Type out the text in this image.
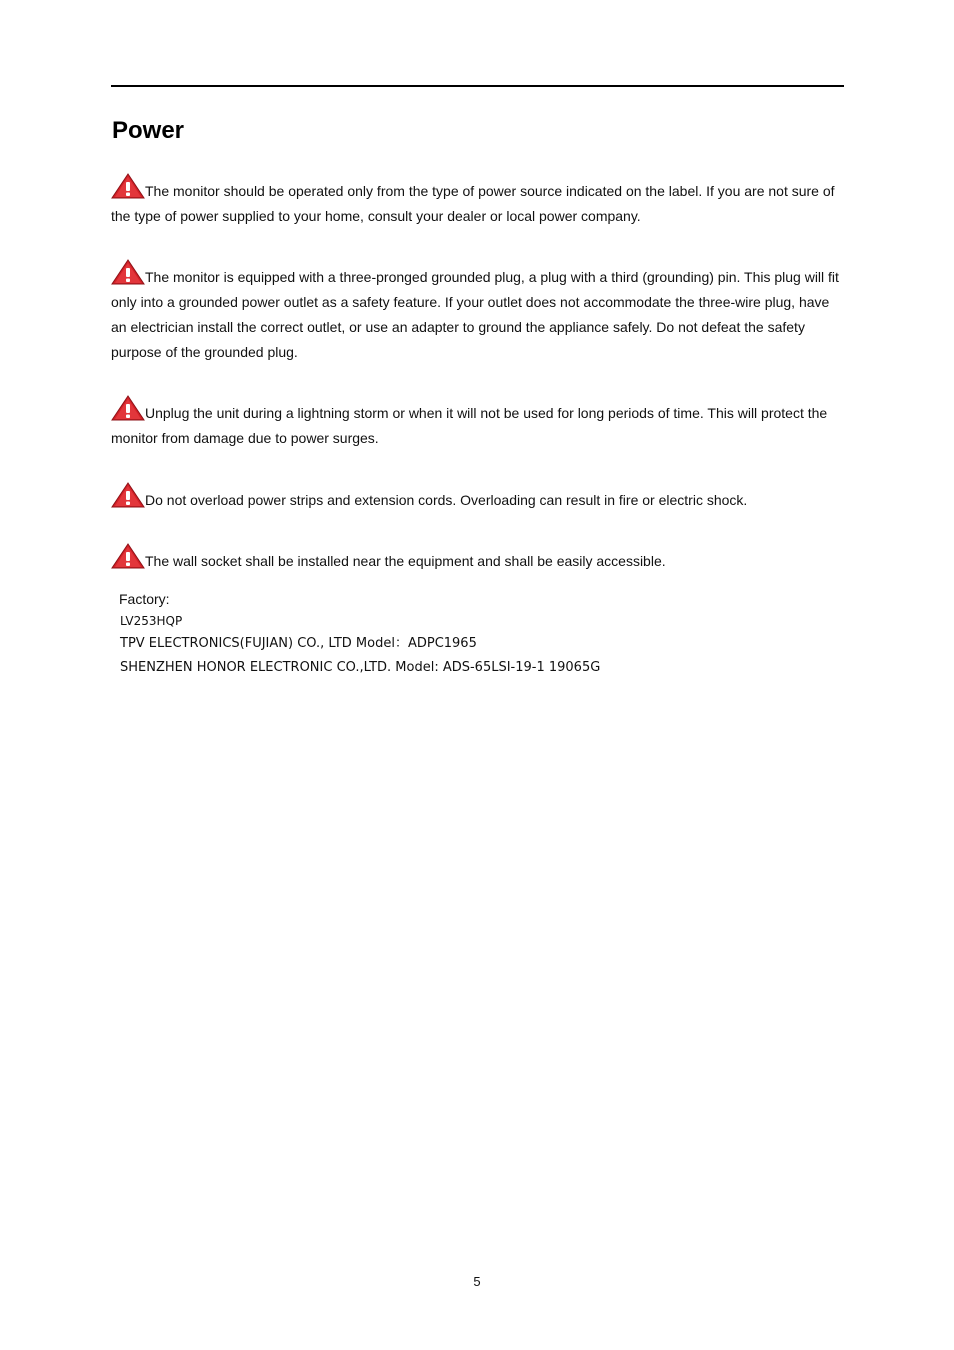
Power
The monitor should be operated only from the type of power source indicated on the label. If you are not sure of the type of power supplied to your home, consult your dealer or local power company.
The monitor is equipped with a three-pronged grounded plug, a plug with a third (grounding) pin. This plug will fit only into a grounded power outlet as a safety feature. If your outlet does not accommodate the three-wire plug, have an electrician install the correct outlet, or use an adapter to ground the appliance safely. Do not defeat the safety purpose of the grounded plug.
Unplug the unit during a lightning storm or when it will not be used for long periods of time. This will protect the monitor from damage due to power surges.
Do not overload power strips and extension cords. Overloading can result in fire or electric shock.
The wall socket shall be installed near the equipment and shall be easily accessible.
Factory:
LV253HQP
TPV ELECTRONICS(FUJIAN) CO., LTD Model：ADPC1965
SHENZHEN HONOR ELECTRONIC CO.,LTD. Model: ADS-65LSI-19-1 19065G
5
